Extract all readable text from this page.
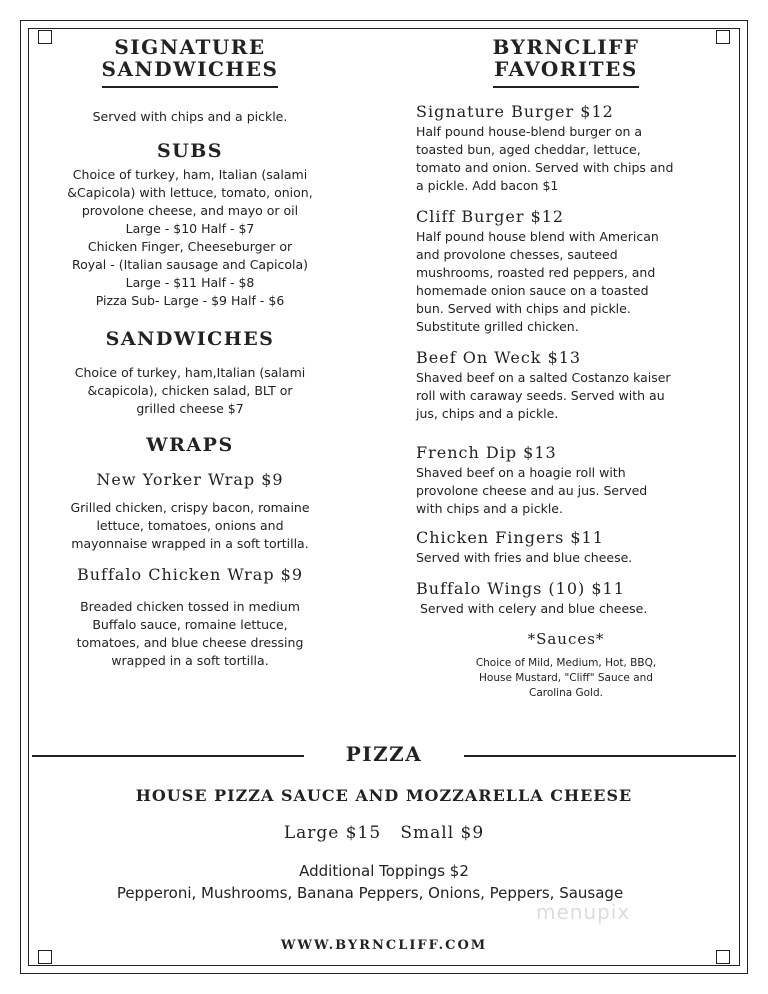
SIGNATURE
SANDWICHES
Served with chips and a pickle.
SUBS
Choice of turkey, ham, Italian (salami
&Capicola) with lettuce, tomato, onion,
provolone cheese, and mayo or oil
Large - $10 Half - $7
Chicken Finger, Cheeseburger or
Royal - (Italian sausage and Capicola)
Large - $11 Half - $8
Pizza Sub- Large - $9 Half - $6
SANDWICHES
Choice of turkey, ham,Italian (salami
&capicola), chicken salad, BLT or
grilled cheese $7
WRAPS
New Yorker Wrap $9
Grilled chicken, crispy bacon, romaine
lettuce, tomatoes, onions and
mayonnaise wrapped in a soft tortilla.
Buffalo Chicken Wrap $9
Breaded chicken tossed in medium
Buffalo sauce, romaine lettuce,
tomatoes, and blue cheese dressing
wrapped in a soft tortilla.
BYRNCLIFF
FAVORITES
Signature Burger $12
Half pound house-blend burger on a
toasted bun, aged cheddar, lettuce,
tomato and onion. Served with chips and
a pickle. Add bacon $1
Cliff Burger $12
Half pound house blend with American
and provolone chesses, sauteed
mushrooms, roasted red peppers, and
homemade onion sauce on a toasted
bun. Served with chips and pickle.
Substitute grilled chicken.
Beef On Weck $13
Shaved beef on a salted Costanzo kaiser
roll with caraway seeds. Served with au
jus, chips and a pickle.
French Dip $13
Shaved beef on a hoagie roll with
provolone cheese and au jus. Served
with chips and a pickle.
Chicken Fingers $11
Served with fries and blue cheese.
Buffalo Wings (10) $11
Served with celery and blue cheese.
*Sauces*
Choice of Mild, Medium, Hot, BBQ,
House Mustard, "Cliff" Sauce and
Carolina Gold.
PIZZA
HOUSE PIZZA SAUCE AND MOZZARELLA CHEESE
Large $15   Small $9
Additional Toppings $2
Pepperoni, Mushrooms, Banana Peppers, Onions, Peppers, Sausage
menupix
WWW.BYRNCLIFF.COM
